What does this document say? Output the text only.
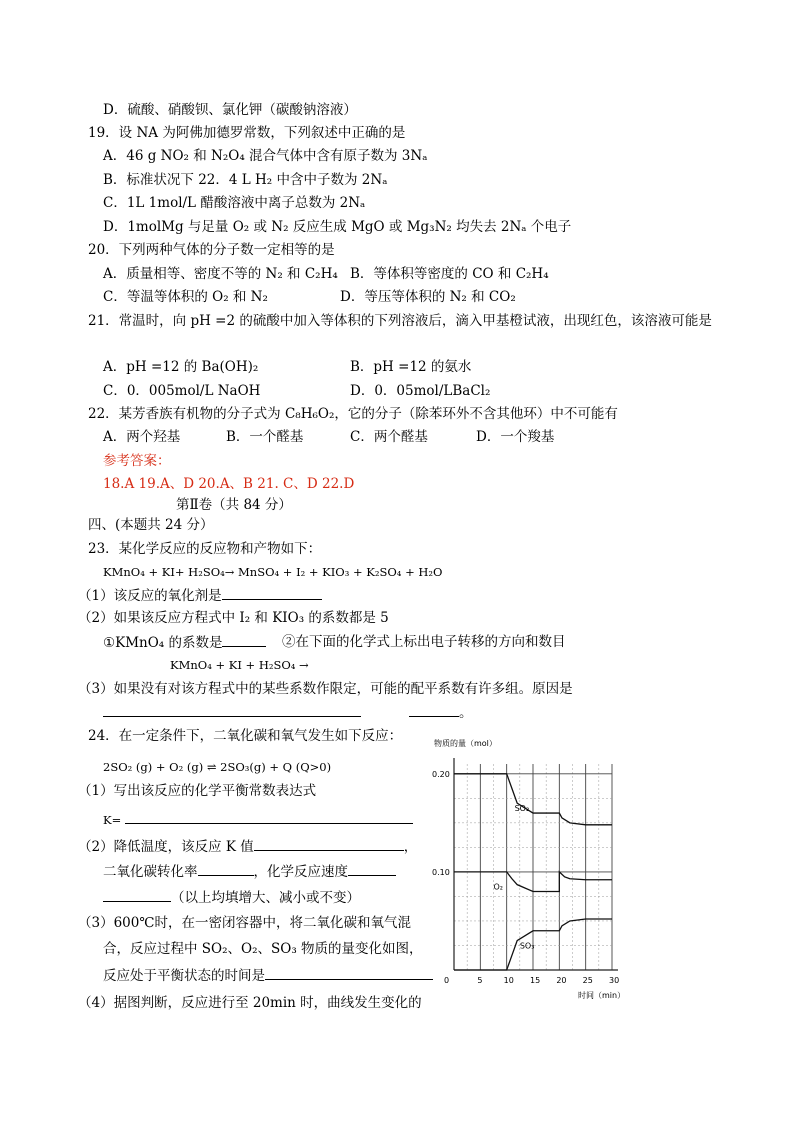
D．硫酸、硝酸钡、氯化钾（碳酸钠溶液）
19．设 NA 为阿佛加德罗常数，下列叙述中正确的是
A．46 g NO₂ 和 N₂O₄ 混合气体中含有原子数为 3Nₐ
B．标准状况下 22．4 L H₂ 中含中子数为 2Nₐ
C．1L 1mol/L 醋酸溶液中离子总数为 2Nₐ
D．1molMg 与足量 O₂ 或 N₂ 反应生成 MgO 或 Mg₃N₂ 均失去 2Nₐ 个电子
20．下列两种气体的分子数一定相等的是
A．质量相等、密度不等的 N₂ 和 C₂H₄ B．等体积等密度的 CO 和 C₂H₄
C．等温等体积的 O₂ 和 N₂	D．等压等体积的 N₂ 和 CO₂
21．常温时，向 pH =2 的硫酸中加入等体积的下列溶液后，滴入甲基橙试液，出现红色，该溶液可能是
A．pH =12 的 Ba(OH)₂	B．pH =12 的氨水
C．0．005mol/L NaOH	D．0．05mol/LBaCl₂
22．某芳香族有机物的分子式为 C₈H₆O₂，它的分子（除苯环外不含其他环）中不可能有
A．两个羟基	B．一个醛基	C．两个醛基	D．一个羧基
参考答案：
18.A 19.A、D 20.A、B 21. C、D 22.D
第Ⅱ卷（共 84 分）
四、(本题共 24 分）
23．某化学反应的反应物和产物如下：
KMnO₄ + KI+ H₂SO₄→ MnSO₄ + I₂ + KIO₃ + K₂SO₄ + H₂O
（1）该反应的氧化剂是
（2）如果该反应方程式中 I₂ 和 KIO₃ 的系数都是 5
①KMnO₄ 的系数是	②在下面的化学式上标出电子转移的方向和数目
KMnO₄ + KI + H₂SO₄ →
（3）如果没有对该方程式中的某些系数作限定，可能的配平系数有许多组。原因是
。
24．在一定条件下，二氧化碳和氧气发生如下反应：
2SO₂ (g) + O₂ (g) ⇌ 2SO₃(g) + Q (Q>0)
（1）写出该反应的化学平衡常数表达式
K=
（2）降低温度，该反应 K 值	，
二氧化碳转化率	，化学反应速度
（以上均填增大、减小或不变）
（3）600℃时，在一密闭容器中，将二氧化碳和氧气混
合，反应过程中 SO₂、O₂、SO₃ 物质的量变化如图，
反应处于平衡状态的时间是
（4）据图判断，反应进行至 20min 时，曲线发生变化的
物质的量（mol）
时间（min）
0	5	10 15 20 25 30
0.10
0.20
SO₂
O₂
SO₃
